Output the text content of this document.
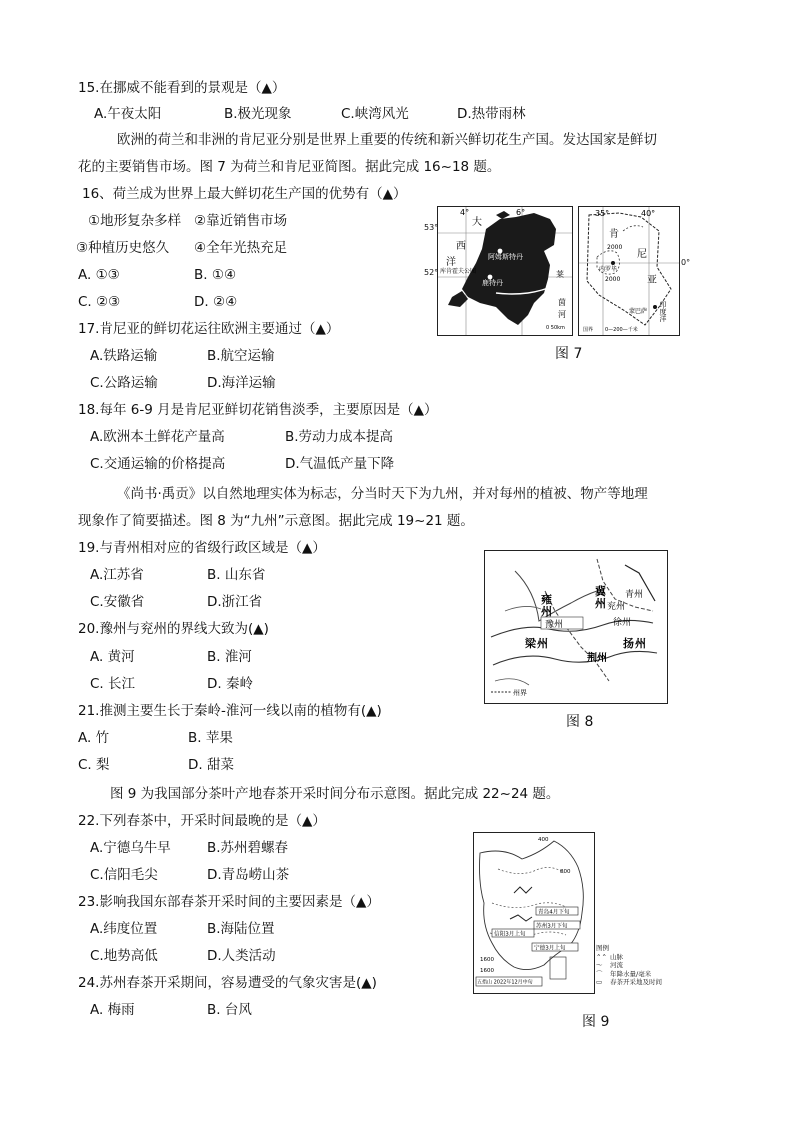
15.在挪威不能看到的景观是（▲）
A.午夜太阳	B.极光现象	C.峡湾风光	D.热带雨林
欧洲的荷兰和非洲的肯尼亚分别是世界上重要的传统和新兴鲜切花生产国。发达国家是鲜切
花的主要销售市场。图 7 为荷兰和肯尼亚简图。据此完成 16~18 题。
16、荷兰成为世界上最大鲜切花生产国的优势有（▲）
①地形复杂多样 ②靠近销售市场
③种植历史悠久 ④全年光热充足
A. ①③	B. ①④
C. ②③	D. ②④
17.肯尼亚的鲜切花运往欧洲主要通过（▲）
A.铁路运输	B.航空运输
C.公路运输	D.海洋运输
18.每年 6-9 月是肯尼亚鲜切花销售淡季，主要原因是（▲）
A.欧洲本土鲜花产量高	B.劳动力成本提高
C.交通运输的价格提高	D.气温低产量下降
《尚书·禹贡》以自然地理实体为标志，分当时天下为九州，并对每州的植被、物产等地理
现象作了简要描述。图 8 为“九州”示意图。据此完成 19~21 题。
19.与青州相对应的省级行政区域是（▲）
A.江苏省	B. 山东省
C.安徽省	D.浙江省
20.豫州与兖州的界线大致为(▲)
A. 黄河	B. 淮河
C. 长江	D. 秦岭
21.推测主要生长于秦岭-淮河一线以南的植物有(▲)
A. 竹	B. 苹果
C. 梨	D. 甜菜
图 9 为我国部分茶叶产地春茶开采时间分布示意图。据此完成 22~24 题。
22.下列春茶中，开采时间最晚的是（▲）
A.宁德乌牛早	B.苏州碧螺春
C.信阳毛尖	D.青岛崂山茶
23.影响我国东部春茶开采时间的主要因素是（▲）
A.纬度位置	B.海陆位置
C.地势高低	D.人类活动
24.苏州春茶开采期间，容易遭受的气象灾害是(▲)
A. 梅雨	B. 台风
4°	6°
大
西
洋	阿姆斯特丹
鹿特丹
库肯霍夫公园	莱
茵
河
0 50km
53°
52°
35°	40°
肯
尼
亚
印度洋
2000
2000
内罗毕
蒙巴萨
国界 0—200—千米
0°
图 7
雍
州
冀
州
豫州
兖州
青州
徐州
梁 州	扬 州
荆州
州界
图 8
青岛4月下旬
苏州3月下旬
信阳3月上旬
宁德3月上旬
五指山 2022年12月中旬
400
800
1600
1600
图例
⌃⌃ 山脉
～ 河流
⌒ 年降水量/毫米
▭ 春茶开采地及时间
图 9
